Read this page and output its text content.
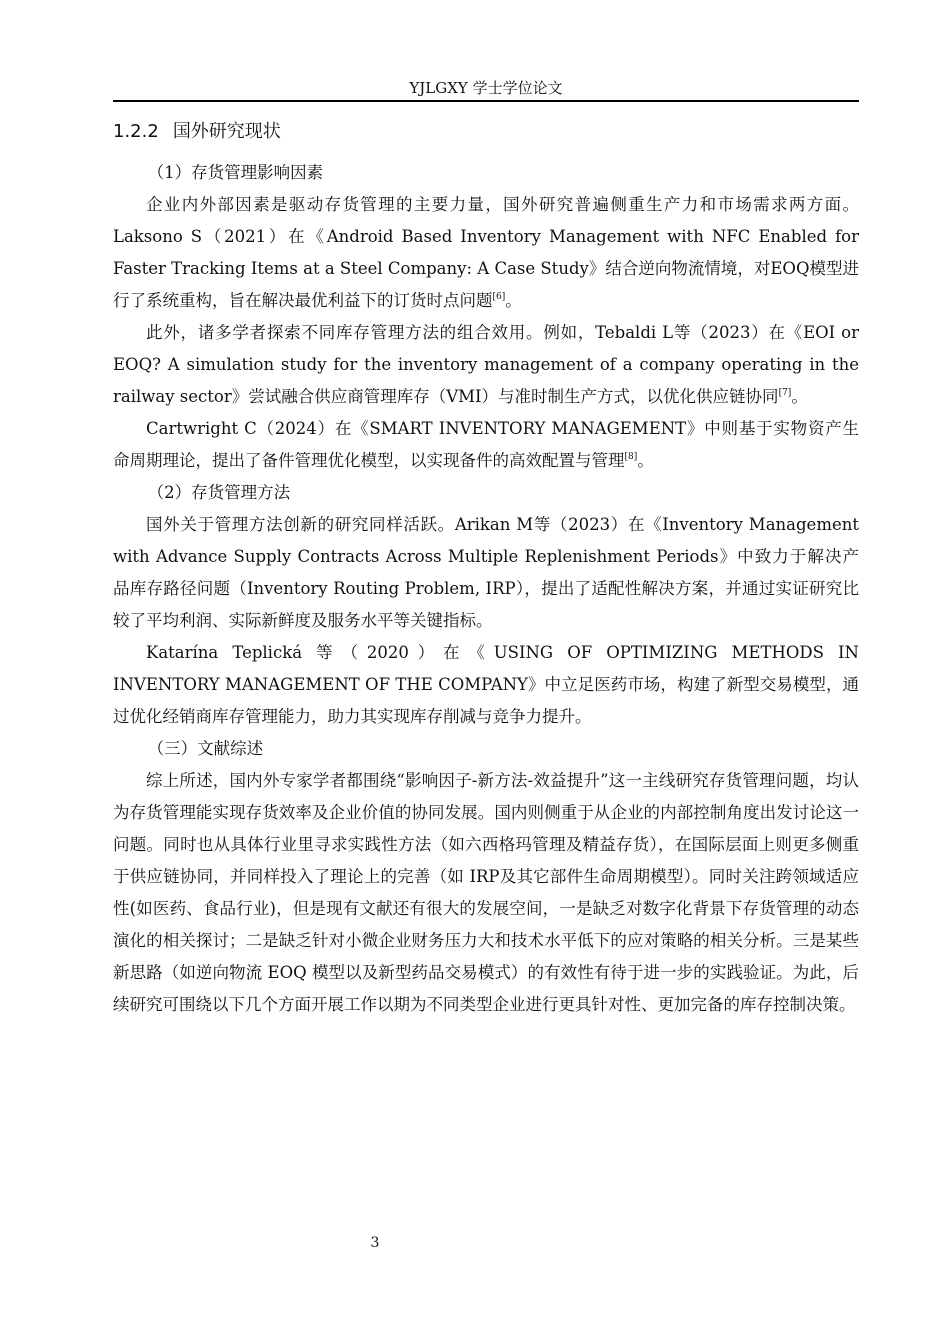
YJLGXY 学士学位论文
1.2.2 国外研究现状

（1）存货管理影响因素

企业内外部因素是驱动存货管理的主要力量，国外研究普遍侧重生产力和市场需求两方面。Laksono S（2021）在《Android Based Inventory Management with NFC Enabled for Faster Tracking Items at a Steel Company: A Case Study》结合逆向物流情境，对EOQ模型进行了系统重构，旨在解决最优利益下的订货时点问题[6]。

此外，诸多学者探索不同库存管理方法的组合效用。例如，Tebaldi L等（2023）在《EOI or EOQ? A simulation study for the inventory management of a company operating in the railway sector》尝试融合供应商管理库存（VMI）与准时制生产方式，以优化供应链协同[7]。

Cartwright C（2024）在《SMART INVENTORY MANAGEMENT》中则基于实物资产生命周期理论，提出了备件管理优化模型，以实现备件的高效配置与管理[8]。

（2）存货管理方法

国外关于管理方法创新的研究同样活跃。Arikan M等（2023）在《Inventory Management with Advance Supply Contracts Across Multiple Replenishment Periods》中致力于解决产品库存路径问题（Inventory Routing Problem, IRP），提出了适配性解决方案，并通过实证研究比较了平均利润、实际新鲜度及服务水平等关键指标。

Katarína Teplická 等（2020）在《USING OF OPTIMIZING METHODS IN INVENTORY MANAGEMENT OF THE COMPANY》中立足医药市场，构建了新型交易模型，通过优化经销商库存管理能力，助力其实现库存削减与竞争力提升。

（三）文献综述

综上所述，国内外专家学者都围绕“影响因子-新方法-效益提升”这一主线研究存货管理问题，均认为存货管理能实现存货效率及企业价值的协同发展。国内则侧重于从企业的内部控制角度出发讨论这一问题。同时也从具体行业里寻求实践性方法（如六西格玛管理及精益存货），在国际层面上则更多侧重于供应链协同，并同样投入了理论上的完善（如 IRP及其它部件生命周期模型）。同时关注跨领域适应性(如医药、食品行业)，但是现有文献还有很大的发展空间，一是缺乏对数字化背景下存货管理的动态演化的相关探讨；二是缺乏针对小微企业财务压力大和技术水平低下的应对策略的相关分析。三是某些新思路（如逆向物流 EOQ 模型以及新型药品交易模式）的有效性有待于进一步的实践验证。为此，后续研究可围绕以下几个方面开展工作以期为不同类型企业进行更具针对性、更加完备的库存控制决策。

3
